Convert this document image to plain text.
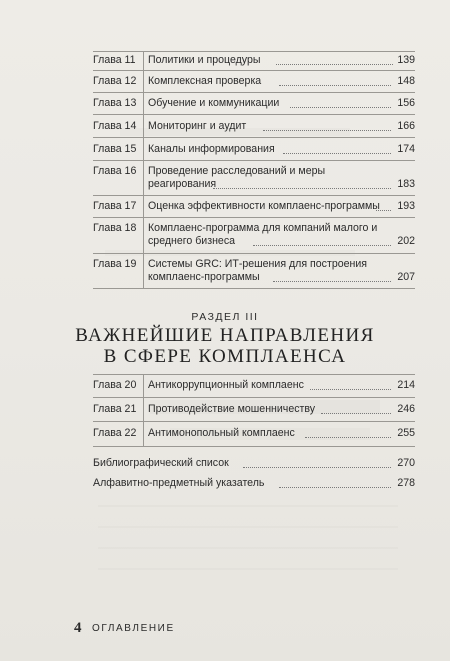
Глава 11	Политики и процедуры	139
Глава 12	Комплексная проверка	148
Глава 13	Обучение и коммуникации	156
Глава 14	Мониторинг и аудит	166
Глава 15	Каналы информирования	174
Глава 16	Проведение расследований и меры реагирования	183
Глава 17	Оценка эффективности комплаенс-программы	193
Глава 18	Комплаенс-программа для компаний малого и среднего бизнеса	202
Глава 19	Системы GRC: ИТ-решения для построения комплаенс-программы	207
РАЗДЕЛ III
ВАЖНЕЙШИЕ НАПРАВЛЕНИЯ
В СФЕРЕ КОМПЛАЕНСА
Глава 20	Антикоррупционный комплаенс	214
Глава 21	Противодействие мошенничеству	246
Глава 22	Антимонопольный комплаенс	255
Библиографический список	270
Алфавитно-предметный указатель	278
4 ОГЛАВЛЕНИЕ
